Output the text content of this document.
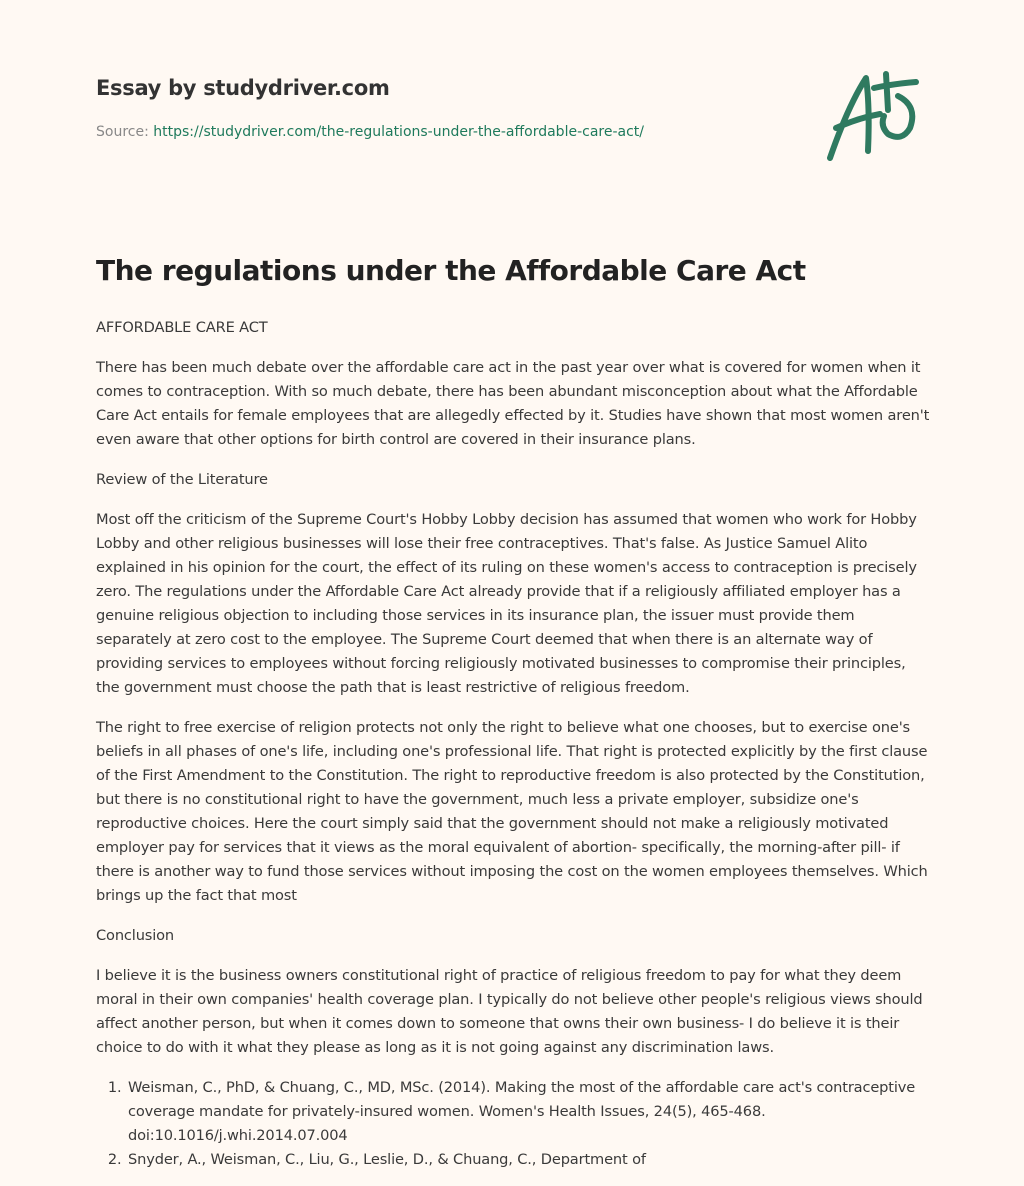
Essay by studydriver.com
Source: https://studydriver.com/the-regulations-under-the-affordable-care-act/
The regulations under the Affordable Care Act

AFFORDABLE CARE ACT

There has been much debate over the affordable care act in the past year over what is covered for women when it comes to contraception. With so much debate, there has been abundant misconception about what the Affordable Care Act entails for female employees that are allegedly effected by it. Studies have shown that most women aren't even aware that other options for birth control are covered in their insurance plans.

Review of the Literature

Most off the criticism of the Supreme Court's Hobby Lobby decision has assumed that women who work for Hobby Lobby and other religious businesses will lose their free contraceptives. That's false. As Justice Samuel Alito explained in his opinion for the court, the effect of its ruling on these women's access to contraception is precisely zero. The regulations under the Affordable Care Act already provide that if a religiously affiliated employer has a genuine religious objection to including those services in its insurance plan, the issuer must provide them separately at zero cost to the employee. The Supreme Court deemed that when there is an alternate way of providing services to employees without forcing religiously motivated businesses to compromise their principles, the government must choose the path that is least restrictive of religious freedom.

The right to free exercise of religion protects not only the right to believe what one chooses, but to exercise one's beliefs in all phases of one's life, including one's professional life. That right is protected explicitly by the first clause of the First Amendment to the Constitution. The right to reproductive freedom is also protected by the Constitution, but there is no constitutional right to have the government, much less a private employer, subsidize one's reproductive choices. Here the court simply said that the government should not make a religiously motivated employer pay for services that it views as the moral equivalent of abortion- specifically, the morning-after pill- if there is another way to fund those services without imposing the cost on the women employees themselves. Which brings up the fact that most

Conclusion

I believe it is the business owners constitutional right of practice of religious freedom to pay for what they deem moral in their own companies' health coverage plan. I typically do not believe other people's religious views should affect another person, but when it comes down to someone that owns their own business- I do believe it is their choice to do with it what they please as long as it is not going against any discrimination laws.

1. Weisman, C., PhD, & Chuang, C., MD, MSc. (2014). Making the most of the affordable care act's contraceptive coverage mandate for privately-insured women. Women's Health Issues, 24(5), 465-468. doi:10.1016/j.whi.2014.07.004
2. Snyder, A., Weisman, C., Liu, G., Leslie, D., & Chuang, C., Department of
